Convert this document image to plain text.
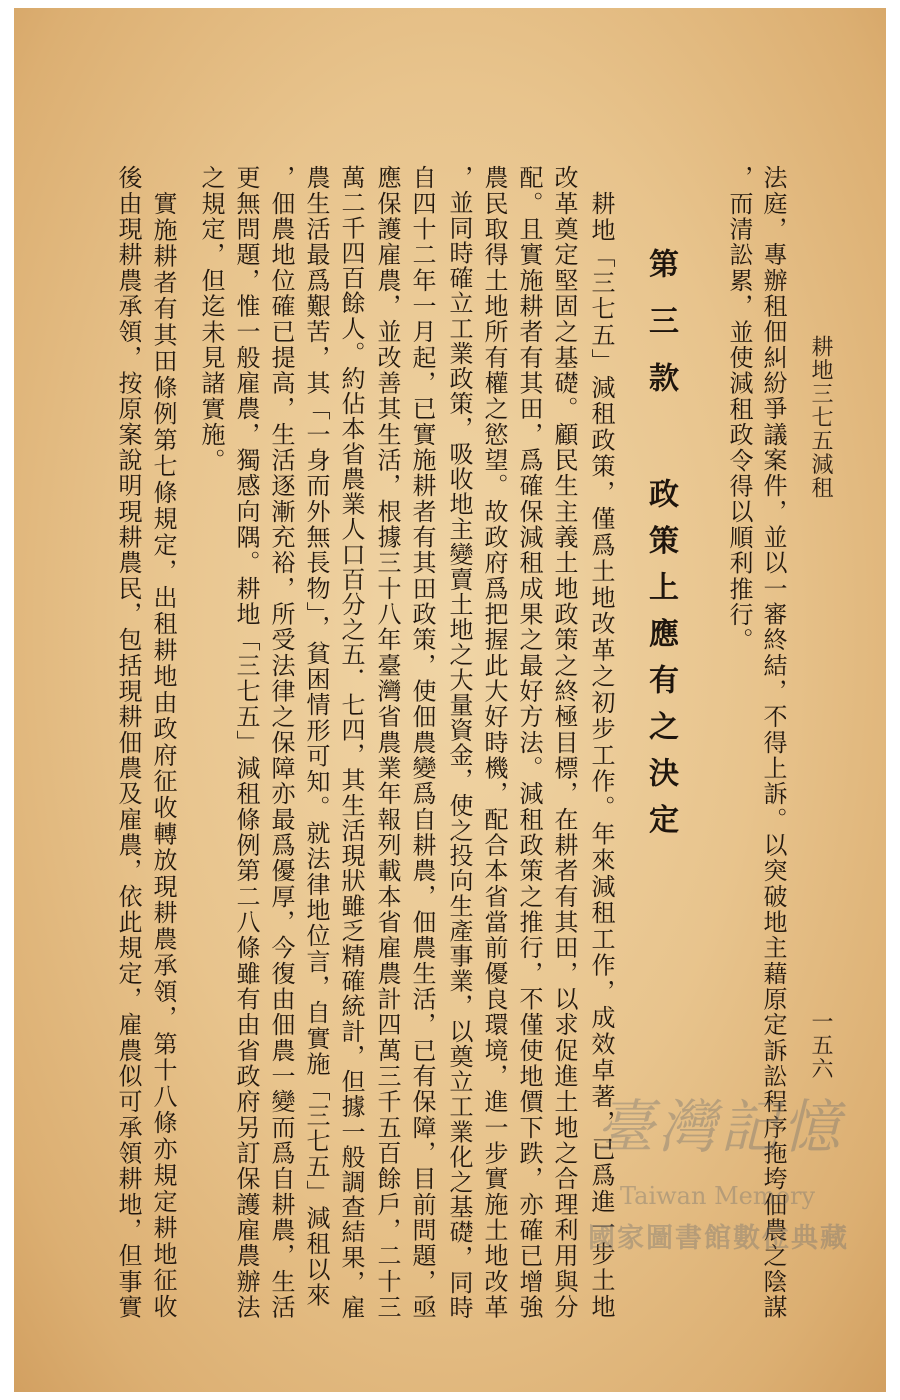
耕地三七五減租
一五六
法庭，專辦租佃糾紛爭議案件，並以一審終結，不得上訴。以突破地主藉原定訴訟程序拖垮佃農之陰謀
，而清訟累，並使減租政令得以順利推行。
第三款
政策上應有之決定
耕地「三七五」減租政策，僅爲土地改革之初步工作。年來減租工作，成效卓著，已爲進一步土地
改革奠定堅固之基礎。顧民生主義土地政策之終極目標，在耕者有其田，以求促進土地之合理利用與分
配。且實施耕者有其田，爲確保減租成果之最好方法。減租政策之推行，不僅使地價下跌，亦確已增強
農民取得土地所有權之慾望。故政府爲把握此大好時機，配合本省當前優良環境，進一步實施土地改革
，並同時確立工業政策，吸收地主變賣土地之大量資金，使之投向生產事業，以奠立工業化之基礎，同時
自四十二年一月起，已實施耕者有其田政策，使佃農變爲自耕農，佃農生活，已有保障，目前問題，亟
應保護雇農，並改善其生活，根據三十八年臺灣省農業年報列載本省雇農計四萬三千五百餘戶，二十三
萬二千四百餘人。約佔本省農業人口百分之五．七四，其生活現狀雖乏精確統計，但據一般調查結果，雇
農生活最爲艱苦，其「一身而外無長物」，貧困情形可知。就法律地位言，自實施「三七五」減租以來
，佃農地位確已提高，生活逐漸充裕，所受法律之保障亦最爲優厚，今復由佃農一變而爲自耕農，生活
更無問題，惟一般雇農，獨感向隅。耕地「三七五」減租條例第二八條雖有由省政府另訂保護雇農辦法
之規定，但迄未見諸實施。
實施耕者有其田條例第七條規定，出租耕地由政府征收轉放現耕農承領，第十八條亦規定耕地征收
後由現耕農承領，按原案說明現耕農民，包括現耕佃農及雇農，依此規定，雇農似可承領耕地，但事實	臺灣記憶
Taiwan Memory
國家圖書館數位典藏
